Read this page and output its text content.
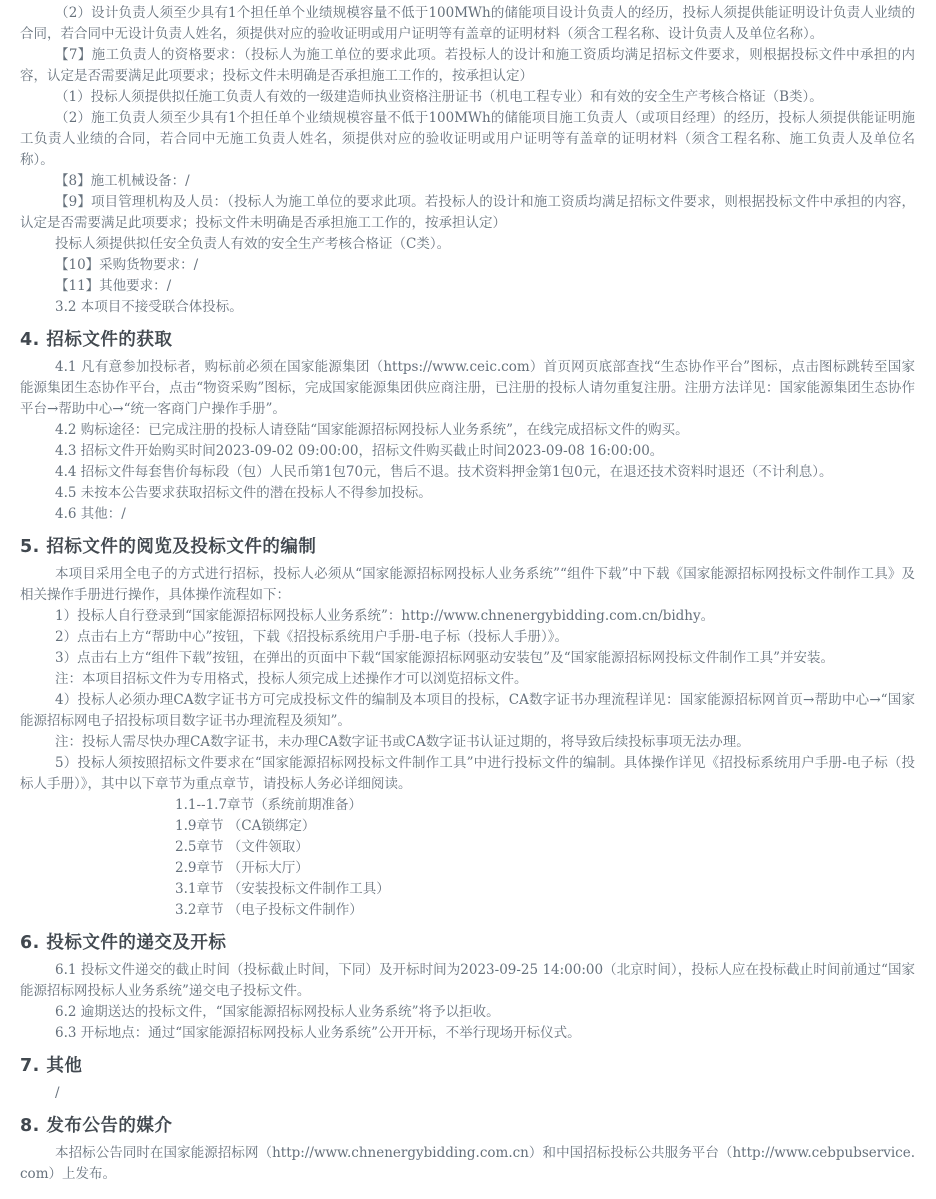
（2）设计负责人须至少具有1个担任单个业绩规模容量不低于100MWh的储能项目设计负责人的经历，投标人须提供能证明设计负责人业绩的合同，若合同中无设计负责人姓名，须提供对应的验收证明或用户证明等有盖章的证明材料（须含工程名称、设计负责人及单位名称）。

【7】施工负责人的资格要求：（投标人为施工单位的要求此项。若投标人的设计和施工资质均满足招标文件要求，则根据投标文件中承担的内容，认定是否需要满足此项要求；投标文件未明确是否承担施工工作的，按承担认定）

（1）投标人须提供拟任施工负责人有效的一级建造师执业资格注册证书（机电工程专业）和有效的安全生产考核合格证（B类）。

（2）施工负责人须至少具有1个担任单个业绩规模容量不低于100MWh的储能项目施工负责人（或项目经理）的经历，投标人须提供能证明施工负责人业绩的合同，若合同中无施工负责人姓名，须提供对应的验收证明或用户证明等有盖章的证明材料（须含工程名称、施工负责人及单位名称）。

【8】施工机械设备：/

【9】项目管理机构及人员：（投标人为施工单位的要求此项。若投标人的设计和施工资质均满足招标文件要求，则根据投标文件中承担的内容，认定是否需要满足此项要求；投标文件未明确是否承担施工工作的，按承担认定）

投标人须提供拟任安全负责人有效的安全生产考核合格证（C类）。

【10】采购货物要求：/

【11】其他要求：/

3.2 本项目不接受联合体投标。

4. 招标文件的获取

4.1 凡有意参加投标者，购标前必须在国家能源集团（https://www.ceic.com）首页网页底部查找“生态协作平台”图标，点击图标跳转至国家能源集团生态协作平台，点击“物资采购”图标，完成国家能源集团供应商注册，已注册的投标人请勿重复注册。注册方法详见：国家能源集团生态协作平台→帮助中心→“统一客商门户操作手册”。

4.2 购标途径：已完成注册的投标人请登陆“国家能源招标网投标人业务系统”，在线完成招标文件的购买。

4.3 招标文件开始购买时间2023-09-02 09:00:00，招标文件购买截止时间2023-09-08 16:00:00。

4.4 招标文件每套售价每标段（包）人民币第1包70元，售后不退。技术资料押金第1包0元，在退还技术资料时退还（不计利息）。

4.5 未按本公告要求获取招标文件的潜在投标人不得参加投标。

4.6 其他：/

5. 招标文件的阅览及投标文件的编制

本项目采用全电子的方式进行招标，投标人必须从“国家能源招标网投标人业务系统”“组件下载”中下载《国家能源招标网投标文件制作工具》及相关操作手册进行操作，具体操作流程如下：

1）投标人自行登录到“国家能源招标网投标人业务系统”：http://www.chnenergybidding.com.cn/bidhy。

2）点击右上方“帮助中心”按钮，下载《招投标系统用户手册-电子标（投标人手册）》。

3）点击右上方“组件下载”按钮，在弹出的页面中下载“国家能源招标网驱动安装包”及“国家能源招标网投标文件制作工具”并安装。

注：本项目招标文件为专用格式，投标人须完成上述操作才可以浏览招标文件。

4）投标人必须办理CA数字证书方可完成投标文件的编制及本项目的投标，CA数字证书办理流程详见：国家能源招标网首页→帮助中心→“国家能源招标网电子招投标项目数字证书办理流程及须知”。

注：投标人需尽快办理CA数字证书，未办理CA数字证书或CA数字证书认证过期的，将导致后续投标事项无法办理。

5）投标人须按照招标文件要求在“国家能源招标网投标文件制作工具”中进行投标文件的编制。具体操作详见《招投标系统用户手册-电子标（投标人手册）》，其中以下章节为重点章节，请投标人务必详细阅读。

1.1--1.7章节（系统前期准备）

1.9章节 （CA锁绑定）

2.5章节 （文件领取）

2.9章节 （开标大厅）

3.1章节 （安装投标文件制作工具）

3.2章节 （电子投标文件制作）

6. 投标文件的递交及开标

6.1 投标文件递交的截止时间（投标截止时间，下同）及开标时间为2023-09-25 14:00:00（北京时间），投标人应在投标截止时间前通过“国家能源招标网投标人业务系统”递交电子投标文件。

6.2 逾期送达的投标文件，“国家能源招标网投标人业务系统”将予以拒收。

6.3 开标地点：通过“国家能源招标网投标人业务系统”公开开标，不举行现场开标仪式。

7. 其他

/

8. 发布公告的媒介

本招标公告同时在国家能源招标网（http://www.chnenergybidding.com.cn）和中国招标投标公共服务平台（http://www.cebpubservice.com）上发布。
